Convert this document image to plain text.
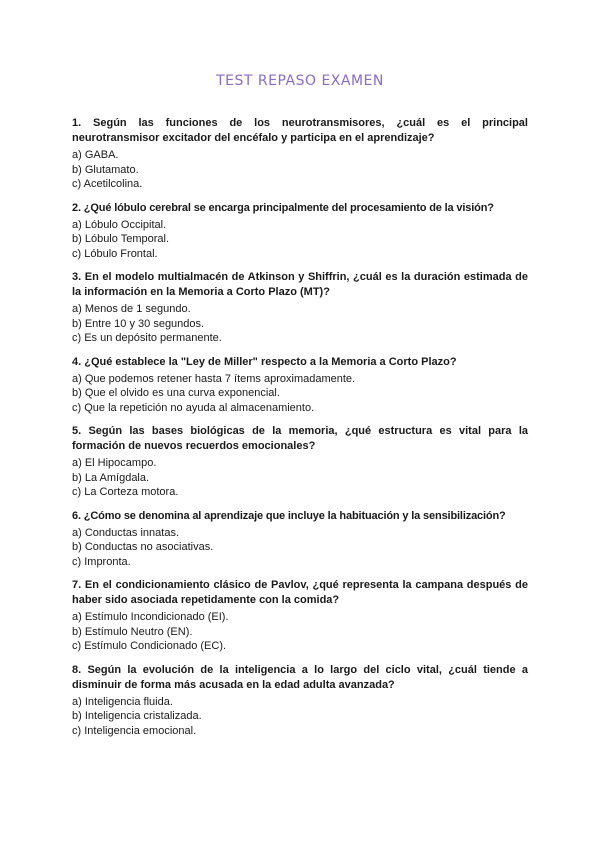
TEST REPASO EXAMEN

1. Según las funciones de los neurotransmisores, ¿cuál es el principal neurotransmisor excitador del encéfalo y participa en el aprendizaje?

a) GABA.

b) Glutamato.

c) Acetilcolina.

2. ¿Qué lóbulo cerebral se encarga principalmente del procesamiento de la visión?

a) Lóbulo Occipital.

b) Lóbulo Temporal.

c) Lóbulo Frontal.

3. En el modelo multialmacén de Atkinson y Shiffrin, ¿cuál es la duración estimada de la información en la Memoria a Corto Plazo (MT)?

a) Menos de 1 segundo.

b) Entre 10 y 30 segundos.

c) Es un depósito permanente.

4. ¿Qué establece la "Ley de Miller" respecto a la Memoria a Corto Plazo?

a) Que podemos retener hasta 7 ítems aproximadamente.

b) Que el olvido es una curva exponencial.

c) Que la repetición no ayuda al almacenamiento.

5. Según las bases biológicas de la memoria, ¿qué estructura es vital para la formación de nuevos recuerdos emocionales?

a) El Hipocampo.

b) La Amígdala.

c) La Corteza motora.

6. ¿Cómo se denomina al aprendizaje que incluye la habituación y la sensibilización?

a) Conductas innatas.

b) Conductas no asociativas.

c) Impronta.

7. En el condicionamiento clásico de Pavlov, ¿qué representa la campana después de haber sido asociada repetidamente con la comida?

a) Estímulo Incondicionado (EI).

b) Estímulo Neutro (EN).

c) Estímulo Condicionado (EC).

8. Según la evolución de la inteligencia a lo largo del ciclo vital, ¿cuál tiende a disminuir de forma más acusada en la edad adulta avanzada?

a) Inteligencia fluida.

b) Inteligencia cristalizada.

c) Inteligencia emocional.
